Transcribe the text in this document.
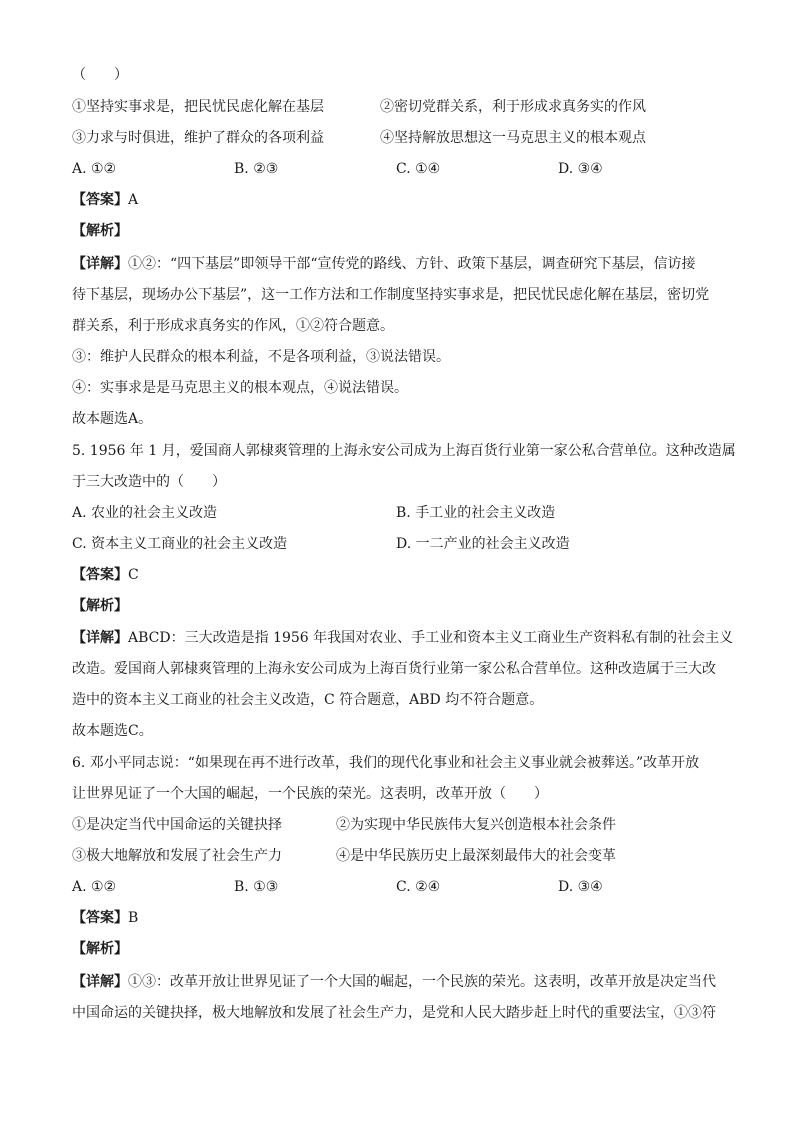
（　　）
①坚持实事求是，把民忧民虑化解在基层	②密切党群关系，利于形成求真务实的作风
③力求与时俱进，维护了群众的各项利益	④坚持解放思想这一马克思主义的根本观点
A. ①②	B. ②③	C. ①④	D. ③④
【答案】A
【解析】
【详解】①②：“四下基层”即领导干部“宣传党的路线、方针、政策下基层，调查研究下基层，信访接
待下基层，现场办公下基层”，这一工作方法和工作制度坚持实事求是，把民忧民虑化解在基层，密切党
群关系，利于形成求真务实的作风，①②符合题意。
③：维护人民群众的根本利益，不是各项利益，③说法错误。
④：实事求是是马克思主义的根本观点，④说法错误。
故本题选A。
5. 1956 年 1 月，爱国商人郭棣爽管理的上海永安公司成为上海百货行业第一家公私合营单位。这种改造属
于三大改造中的（　　）
A. 农业的社会主义改造	B. 手工业的社会主义改造
C. 资本主义工商业的社会主义改造	D. 一二产业的社会主义改造
【答案】C
【解析】
【详解】ABCD：三大改造是指 1956 年我国对农业、手工业和资本主义工商业生产资料私有制的社会主义
改造。爱国商人郭棣爽管理的上海永安公司成为上海百货行业第一家公私合营单位。这种改造属于三大改
造中的资本主义工商业的社会主义改造，C 符合题意，ABD 均不符合题意。
故本题选C。
6. 邓小平同志说：“如果现在再不进行改革，我们的现代化事业和社会主义事业就会被葬送。”改革开放
让世界见证了一个大国的崛起，一个民族的荣光。这表明，改革开放（　　）
①是决定当代中国命运的关键抉择	②为实现中华民族伟大复兴创造根本社会条件
③极大地解放和发展了社会生产力	④是中华民族历史上最深刻最伟大的社会变革
A. ①②	B. ①③	C. ②④	D. ③④
【答案】B
【解析】
【详解】①③：改革开放让世界见证了一个大国的崛起，一个民族的荣光。这表明，改革开放是决定当代
中国命运的关键抉择，极大地解放和发展了社会生产力，是党和人民大踏步赶上时代的重要法宝，①③符
